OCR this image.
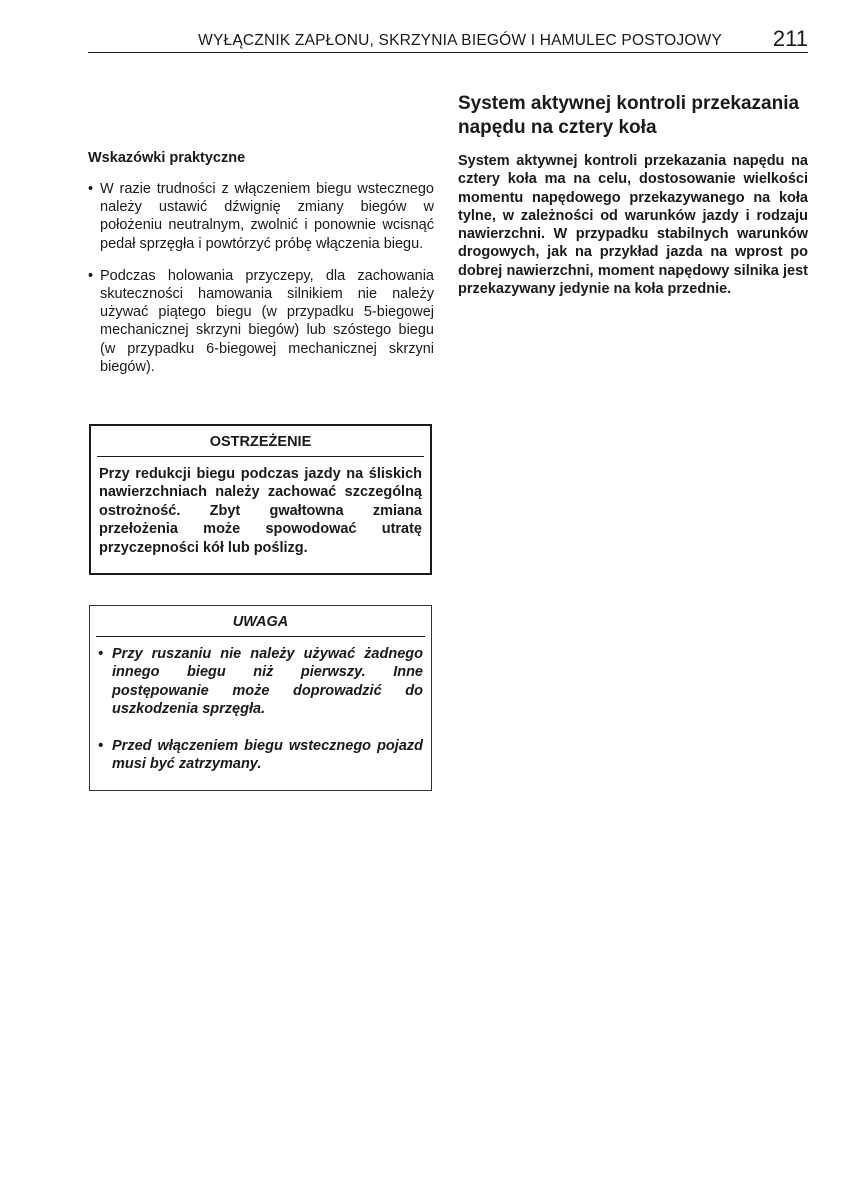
WYŁĄCZNIK ZAPŁONU, SKRZYNIA BIEGÓW I HAMULEC POSTOJOWY 211

Wskazówki praktyczne

• W razie trudności z włączeniem biegu wstecznego należy ustawić dźwignię zmiany biegów w położeniu neutralnym, zwolnić i ponownie wcisnąć pedał sprzęgła i powtórzyć próbę włączenia biegu.
• Podczas holowania przyczepy, dla zachowania skuteczności hamowania silnikiem nie należy używać piątego biegu (w przypadku 5-biegowej mechanicznej skrzyni biegów) lub szóstego biegu (w przypadku 6-biegowej mechanicznej skrzyni biegów).
OSTRZEŻENIE
Przy redukcji biegu podczas jazdy na śliskich nawierzchniach należy zachować szczególną ostrożność. Zbyt gwałtowna zmiana przełożenia może spowodować utratę przyczepności kół lub poślizg.
UWAGA
• Przy ruszaniu nie należy używać żadnego innego biegu niż pierwszy. Inne postępowanie może doprowadzić do uszkodzenia sprzęgła.
• Przed włączeniem biegu wstecznego pojazd musi być zatrzymany.
System aktywnej kontroli przekazania napędu na cztery koła

System aktywnej kontroli przekazania napędu na cztery koła ma na celu, dostosowanie wielkości momentu napędowego przekazywanego na koła tylne, w zależności od warunków jazdy i rodzaju nawierzchni. W przypadku stabilnych warunków drogowych, jak na przykład jazda na wprost po dobrej nawierzchni, moment napędowy silnika jest przekazywany jedynie na koła przednie.
